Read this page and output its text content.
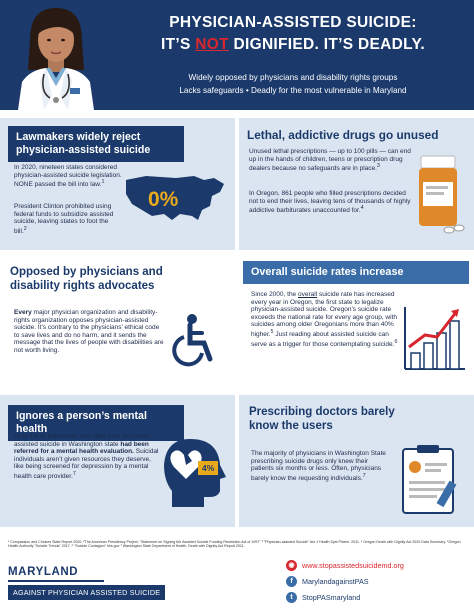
PHYSICIAN-ASSISTED SUICIDE:
IT’S NOT DIGNIFIED. IT’S DEADLY.
Widely opposed by physicians and disability rights groups
Lacks safeguards • Deadly for the most vulnerable in Maryland
Lawmakers widely reject
physician-assisted suicide
In 2020, nineteen states considered physician-assisted suicide legislation. NONE passed the bill into law.$^1$
President Clinton prohibited using federal funds to subsidize assisted suicide, leaving states to foot the bill.$^2$
0%
Lethal, addictive drugs go unused
Unused lethal prescriptions — up to 100 pills — can end up in the hands of children, teens or prescription drug dealers because no safeguards are in place.$^3$
In Oregon, 861 people who filled prescriptions decided not to end their lives, leaving tens of thousands of highly addictive barbiturates unaccounted for.$^4$
Opposed by physicians and
disability rights advocates
Every major physician organization and disability-rights organization opposes physician-assisted suicide. It’s contrary to the physicians’ ethical code to save lives and do no harm, and it sends the message that the lives of people with disabilities are not worth living.
Overall suicide rates increase
Since 2000, the overall suicide rate has increased every year in Oregon, the first state to legalize physician-assisted suicide. Oregon’s suicide rate exceeds the national rate for every age group, with suicides among older Oregonians more than 40% higher.$^5$ Just reading about assisted suicide can serve as a trigger for those contemplating suicide.$^6$
Ignores a person’s mental health
Only 4% of individuals who died from physician-assisted suicide in Washington state had been referred for a mental health evaluation. Suicidal individuals aren’t given resources they deserve, like being screened for depression by a mental health care provider.$^7$
4%
Prescribing doctors barely
know the users
The majority of physicians in Washington State prescribing suicide drugs only knew their patients six months or less. Often, physicians barely know the requesting individuals.$^7$
¹ Compassion and Choices State Report 2020. ²The American Presidency Project, "Statement on Signing the Assisted Suicide Funding Restriction Act of 1997" ³ "Physician-assisted Suicide" Are J Health Syst Pharm. 2011. ⁴ Oregon Death with Dignity Act 2020 Data Summary. ⁵Oregon Health Authority "Suicide Trends" 2017. ⁶ "Suicide Contagion" hhs.gov ⁷ Washington State Department of Health, Death with Dignity Act Report 2011.
MARYLAND
AGAINST PHYSICIAN ASSISTED SUICIDE
◉	www.stopassistedsuicidemd.org
f	MarylandagainstPAS
t	StopPASmaryland
